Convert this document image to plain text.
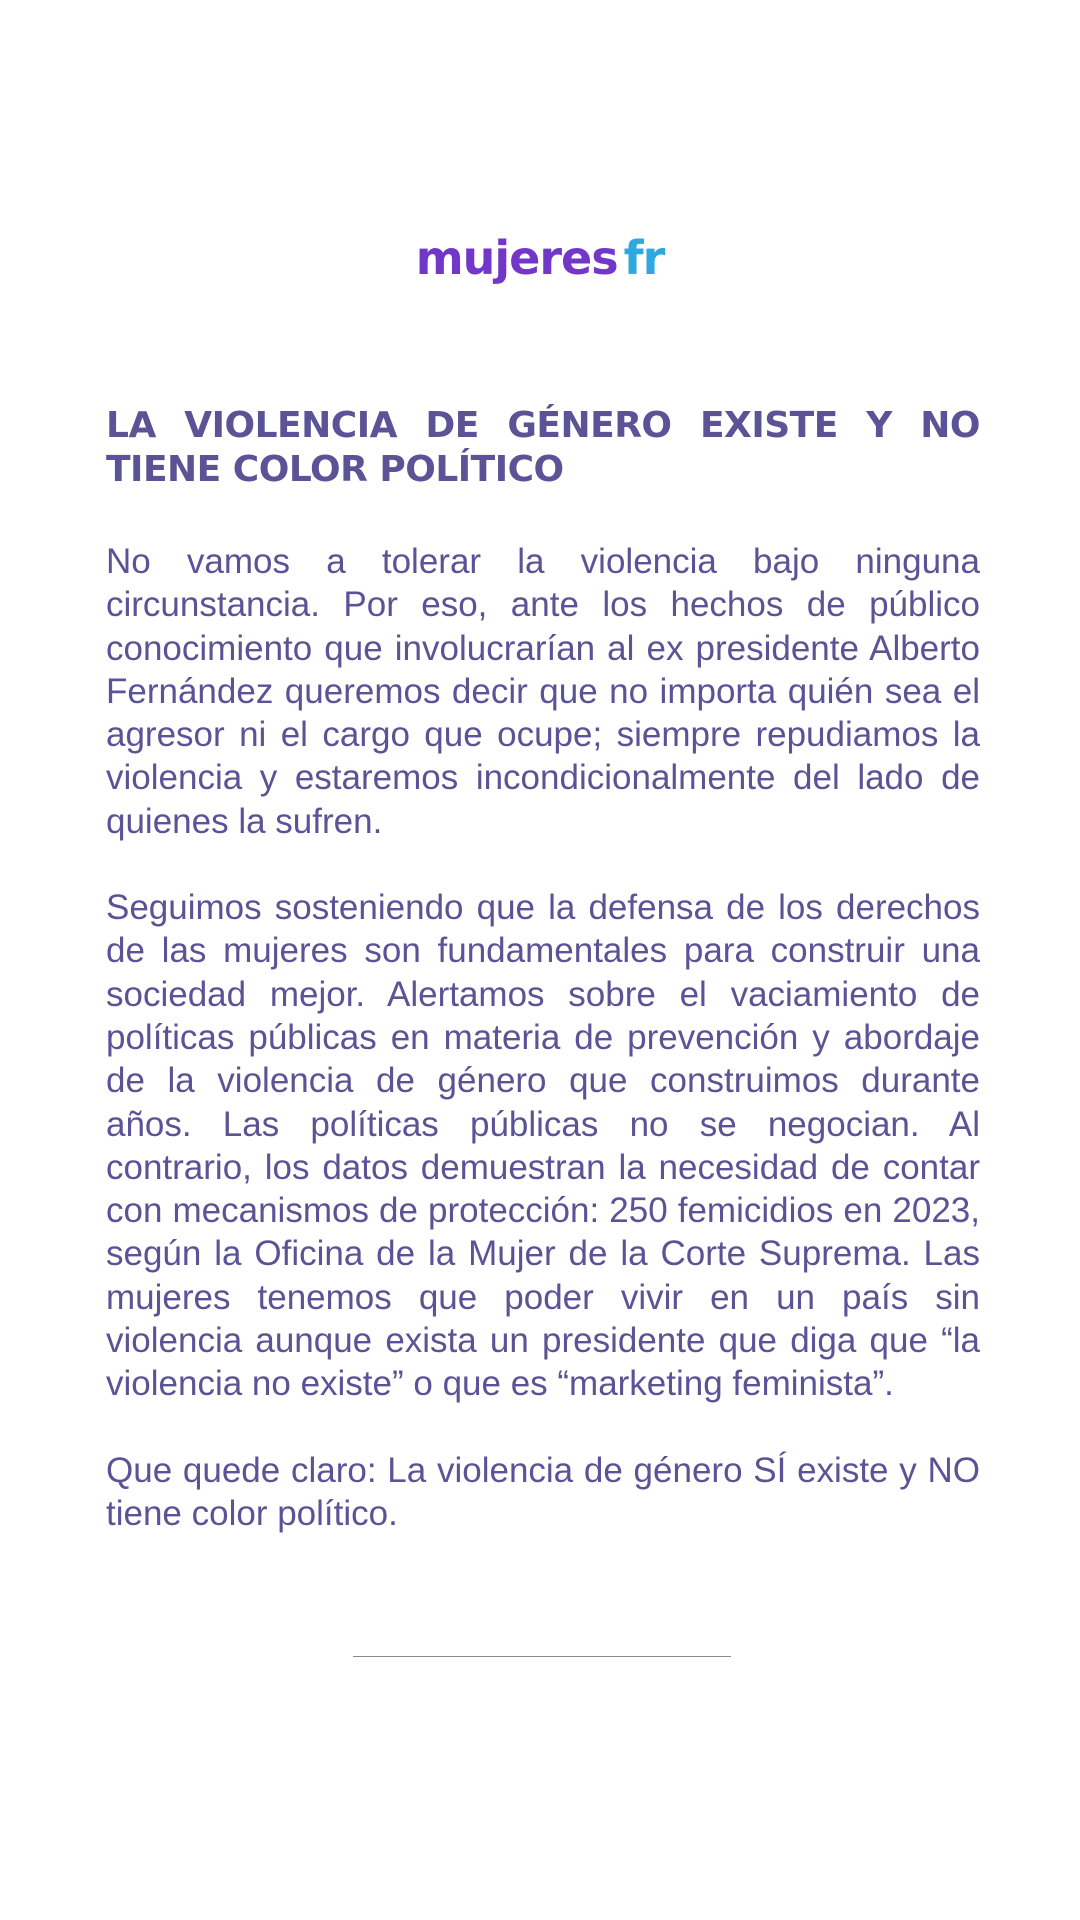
mujeres fr
LA VIOLENCIA DE GÉNERO EXISTE Y NO TIENE COLOR POLÍTICO

No vamos a tolerar la violencia bajo ninguna circunstancia. Por eso, ante los hechos de público conocimiento que involucrarían al ex presidente Alberto Fernández queremos decir que no importa quién sea el agresor ni el cargo que ocupe; siempre repudiamos la violencia y estaremos incondicionalmente del lado de quienes la sufren.

Seguimos sosteniendo que la defensa de los derechos de las mujeres son fundamentales para construir una sociedad mejor. Alertamos sobre el vaciamiento de políticas públicas en materia de prevención y abordaje de la violencia de género que construimos durante años. Las políticas públicas no se negocian. Al contrario, los datos demuestran la necesidad de contar con mecanismos de protección: 250 femicidios en 2023, según la Oficina de la Mujer de la Corte Suprema. Las mujeres tenemos que poder vivir en un país sin violencia aunque exista un presidente que diga que “la violencia no existe” o que es “marketing feminista”.

Que quede claro: La violencia de género SÍ existe y NO tiene color político.
